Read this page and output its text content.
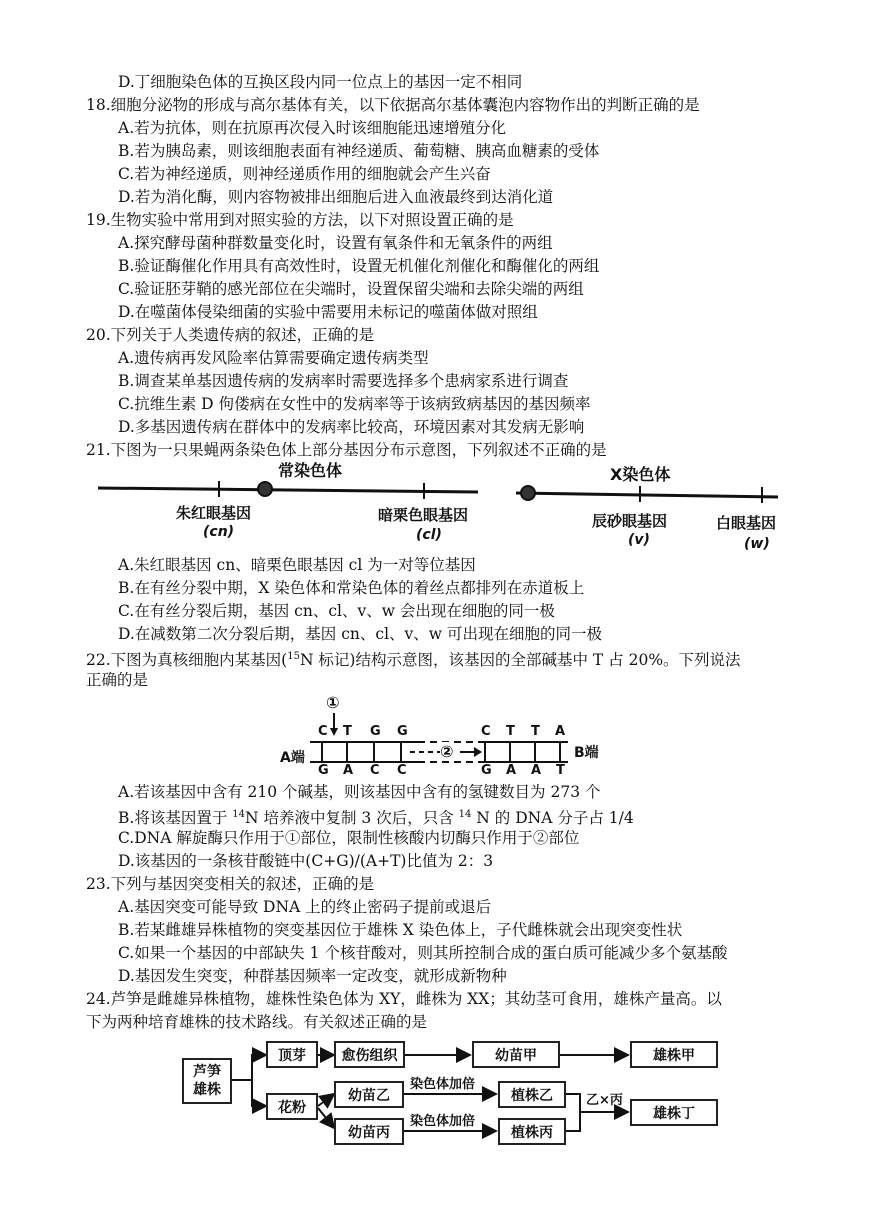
D.丁细胞染色体的互换区段内同一位点上的基因一定不相同
18.细胞分泌物的形成与高尔基体有关，以下依据高尔基体囊泡内容物作出的判断正确的是
A.若为抗体，则在抗原再次侵入时该细胞能迅速增殖分化
B.若为胰岛素，则该细胞表面有神经递质、葡萄糖、胰高血糖素的受体
C.若为神经递质，则神经递质作用的细胞就会产生兴奋
D.若为消化酶，则内容物被排出细胞后进入血液最终到达消化道
19.生物实验中常用到对照实验的方法，以下对照设置正确的是
A.探究酵母菌种群数量变化时，设置有氧条件和无氧条件的两组
B.验证酶催化作用具有高效性时，设置无机催化剂催化和酶催化的两组
C.验证胚芽鞘的感光部位在尖端时，设置保留尖端和去除尖端的两组
D.在噬菌体侵染细菌的实验中需要用未标记的噬菌体做对照组
20.下列关于人类遗传病的叙述，正确的是
A.遗传病再发风险率估算需要确定遗传病类型
B.调查某单基因遗传病的发病率时需要选择多个患病家系进行调查
C.抗维生素 D 佝偻病在女性中的发病率等于该病致病基因的基因频率
D.多基因遗传病在群体中的发病率比较高，环境因素对其发病无影响
21.下图为一只果蝇两条染色体上部分基因分布示意图，下列叙述不正确的是
常染色体	X染色体
朱红眼基因
(cn)
暗栗色眼基因
(cl)
辰砂眼基因
(v)
白眼基因
(w)
A.朱红眼基因 cn、暗栗色眼基因 cl 为一对等位基因
B.在有丝分裂中期，X 染色体和常染色体的着丝点都排列在赤道板上
C.在有丝分裂后期，基因 cn、cl、v、w 会出现在细胞的同一极
D.在减数第二次分裂后期，基因 cn、cl、v、w 可出现在细胞的同一极
22.下图为真核细胞内某基因($^{15}$N 标记)结构示意图，该基因的全部碱基中 T 占 20%。下列说法
正确的是
①
②
A端	B端
C T G G
G A C C
C T T A
G A A T
A.若该基因中含有 210 个碱基，则该基因中含有的氢键数目为 273 个
B.将该基因置于 $^{14}$N 培养液中复制 3 次后，只含 $^{14}$ N 的 DNA 分子占 1/4
C.DNA 解旋酶只作用于①部位，限制性核酸内切酶只作用于②部位
D.该基因的一条核苷酸链中(C+G)/(A+T)比值为 2：3
23.下列与基因突变相关的叙述，正确的是
A.基因突变可能导致 DNA 上的终止密码子提前或退后
B.若某雌雄异株植物的突变基因位于雄株 X 染色体上，子代雌株就会出现突变性状
C.如果一个基因的中部缺失 1 个核苷酸对，则其所控制合成的蛋白质可能减少多个氨基酸
D.基因发生突变，种群基因频率一定改变，就形成新物种
24.芦笋是雌雄异株植物，雄株性染色体为 XY，雌株为 XX；其幼茎可食用，雄株产量高。以
下为两种培育雄株的技术路线。有关叙述正确的是
芦笋
雄株
顶芽	愈伤组织	幼苗甲	雄株甲
花粉
幼苗乙
幼苗丙
染色体加倍
染色体加倍
植株乙
植株丙
乙×丙
雄株丁
